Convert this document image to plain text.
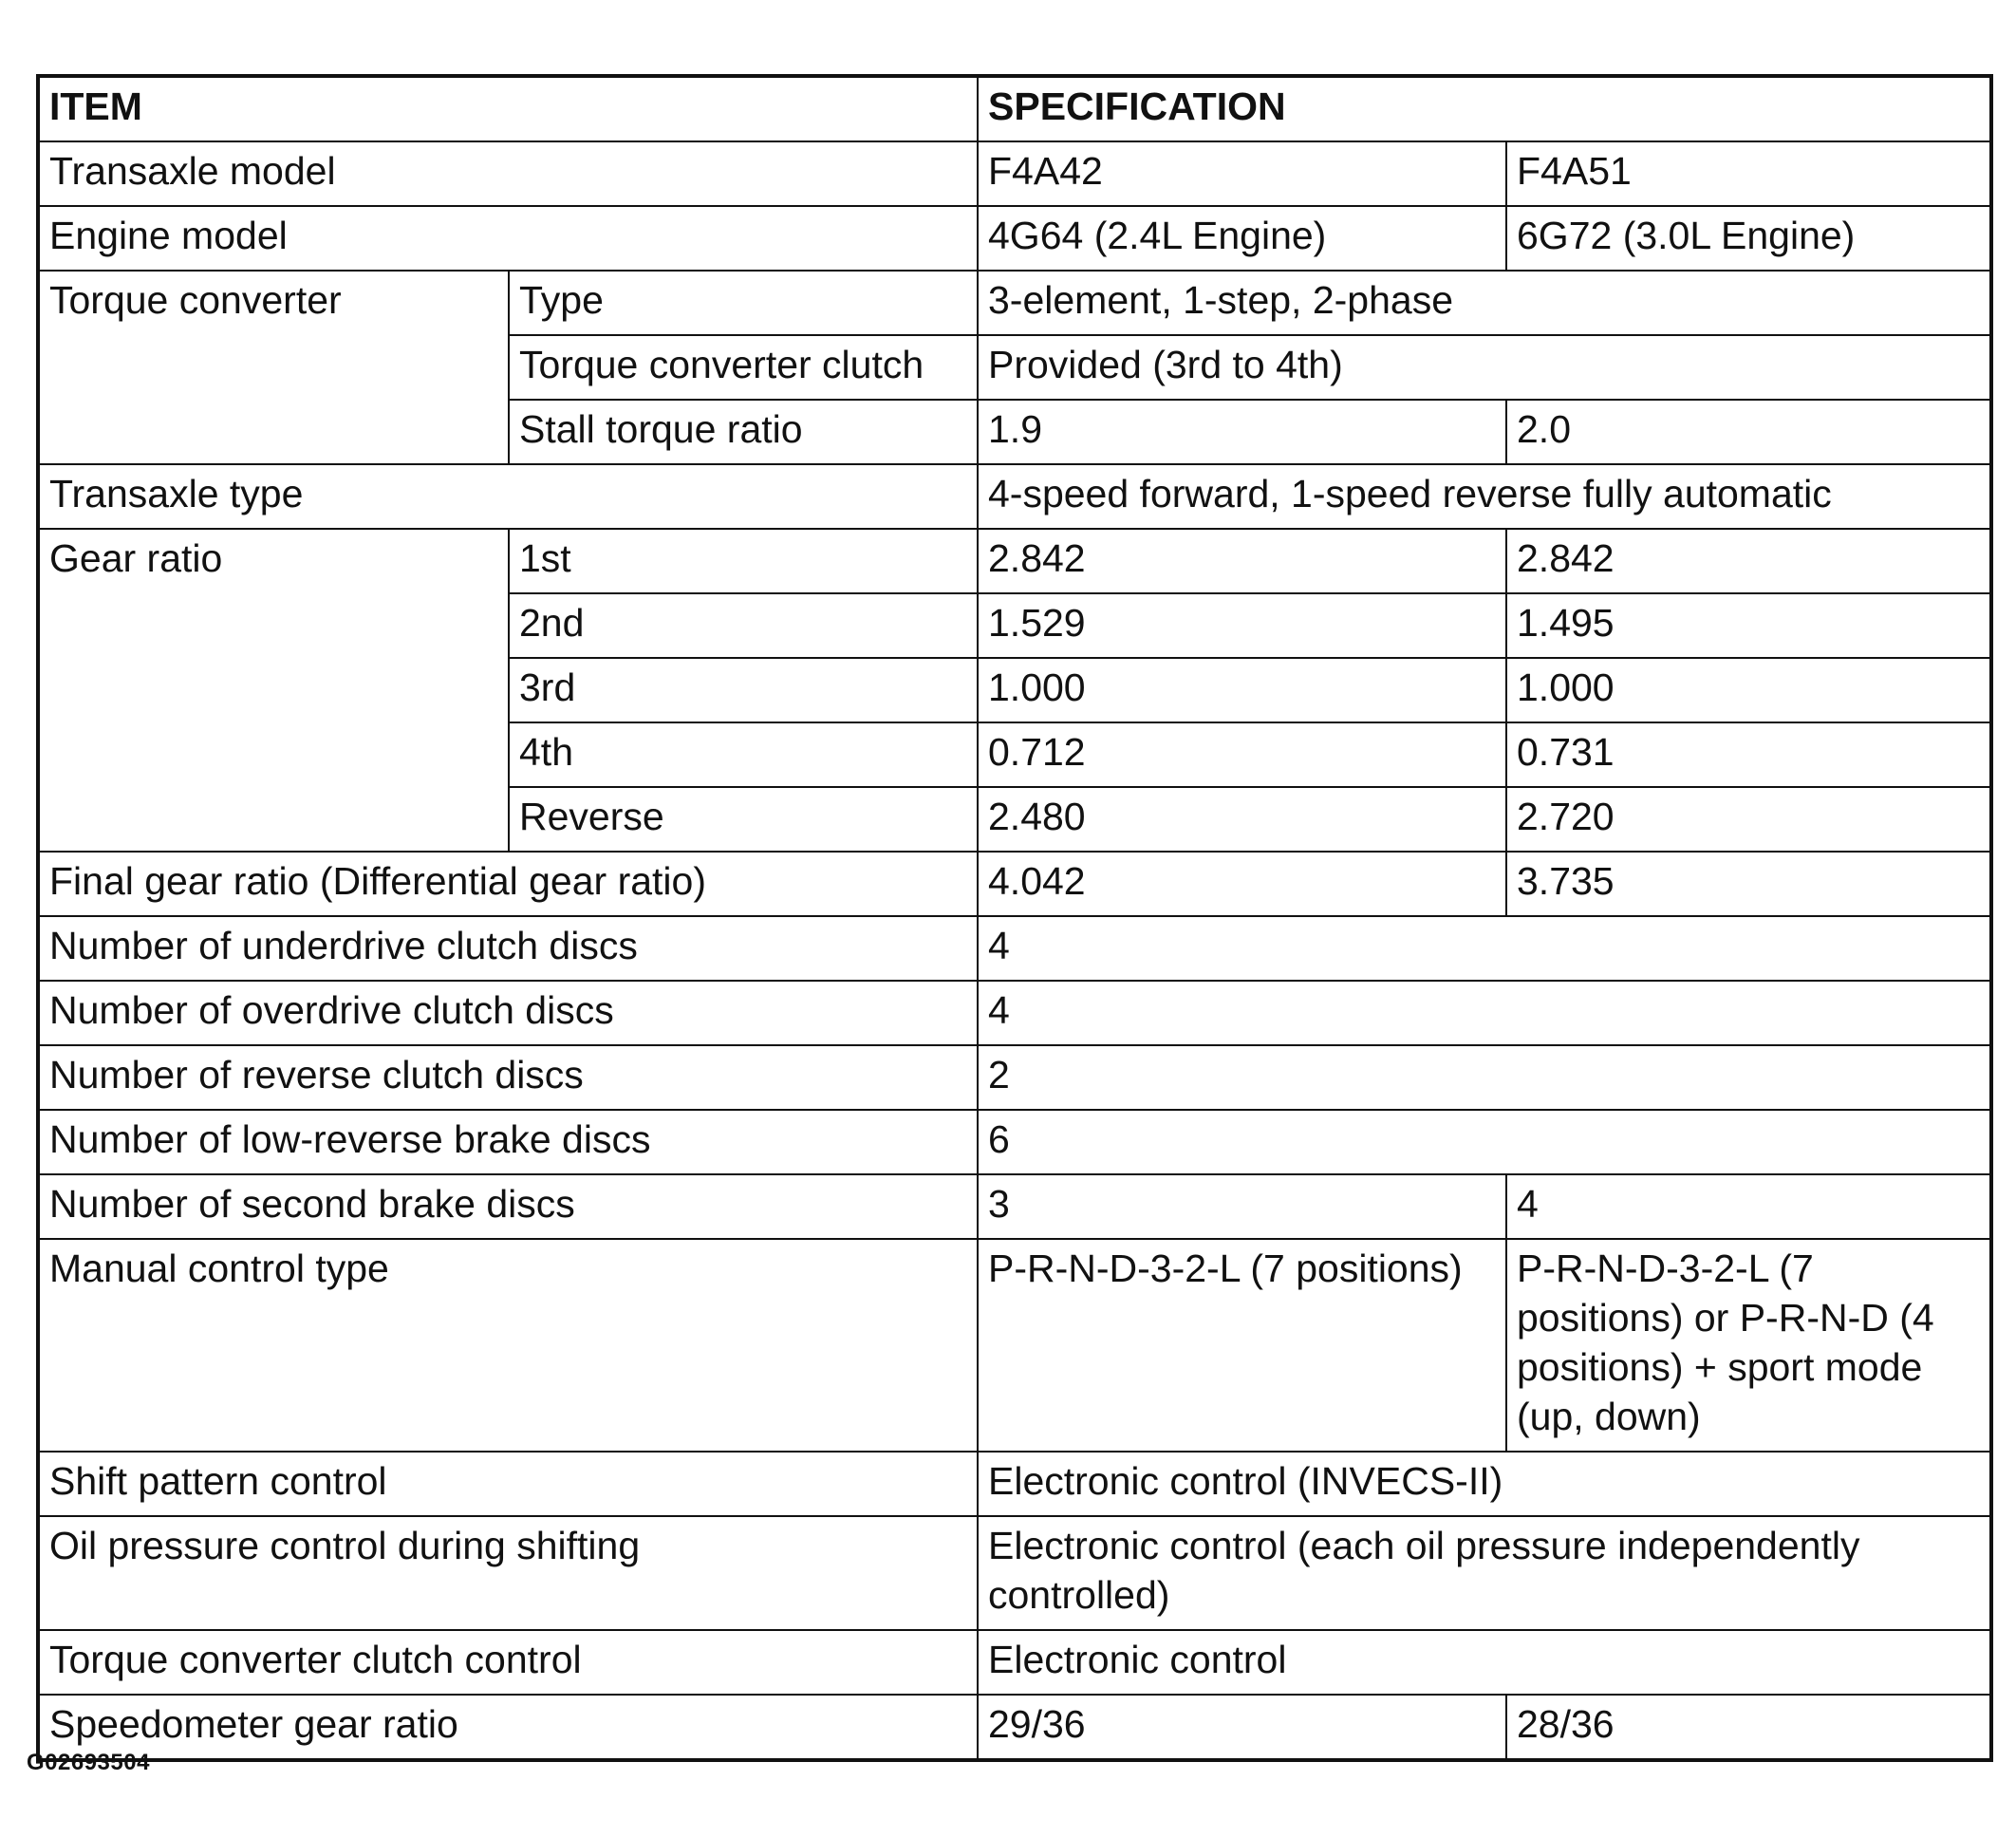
ITEM		SPECIFICATION	
Transaxle model		F4A42	F4A51
Engine model		4G64 (2.4L Engine)	6G72 (3.0L Engine)
Torque converter	Type	3-element, 1-step, 2-phase	
	Torque converter clutch	Provided (3rd to 4th)	
	Stall torque ratio	1.9	2.0
Transaxle type		4-speed forward, 1-speed reverse fully automatic	
Gear ratio	1st	2.842	2.842
	2nd	1.529	1.495
	3rd	1.000	1.000
	4th	0.712	0.731
	Reverse	2.480	2.720
Final gear ratio (Differential gear ratio)		4.042	3.735
Number of underdrive clutch discs		4	
Number of overdrive clutch discs		4	
Number of reverse clutch discs		2	
Number of low-reverse brake discs		6	
Number of second brake discs		3	4
Manual control type		P-R-N-D-3-2-L (7 positions)	P-R-N-D-3-2-L (7 positions) or P-R-N-D (4 positions) + sport mode (up, down)
Shift pattern control		Electronic control (INVECS-II)	
Oil pressure control during shifting		Electronic control (each oil pressure independently controlled)	
Torque converter clutch control		Electronic control	
Speedometer gear ratio		29/36	28/36
G02693504
